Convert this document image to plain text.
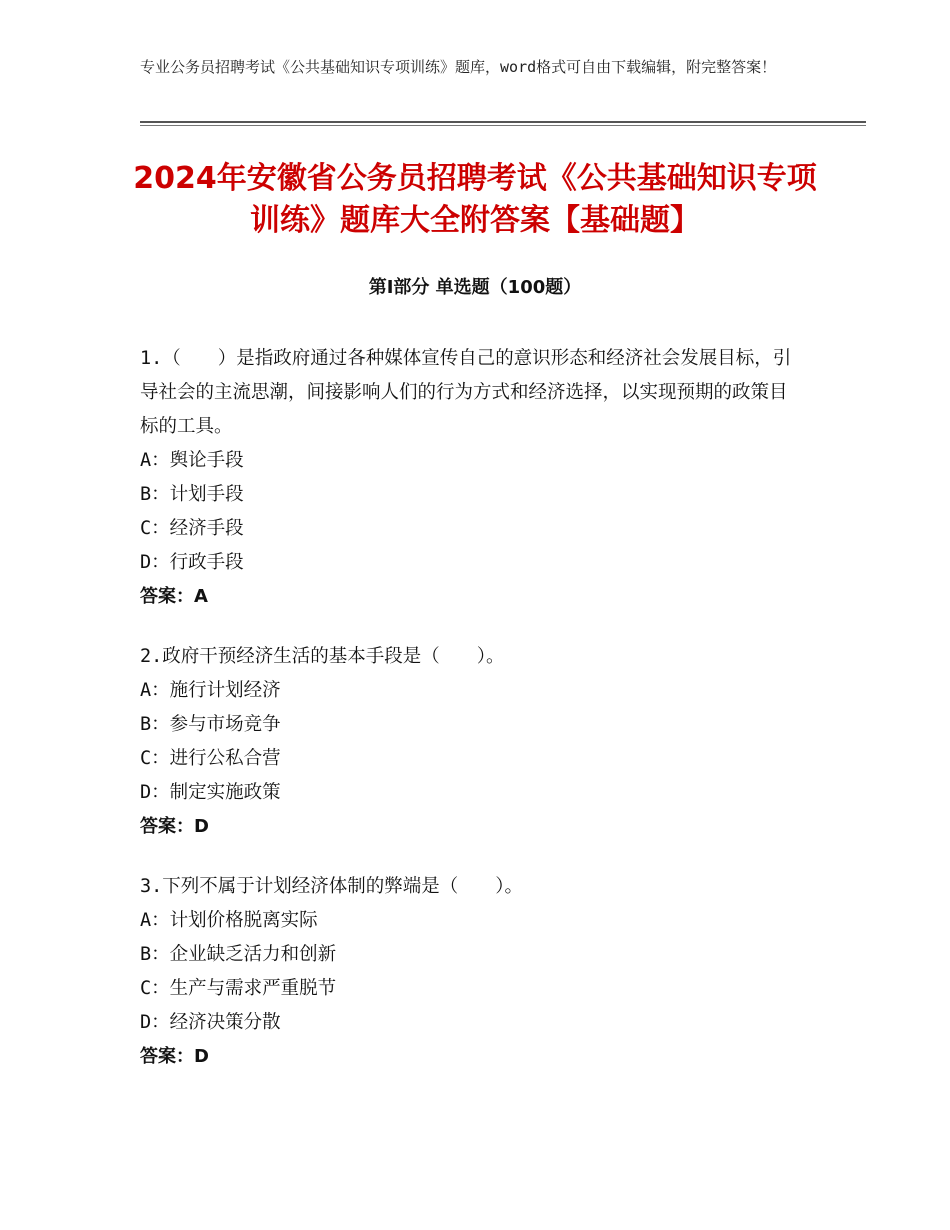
专业公务员招聘考试《公共基础知识专项训练》题库，word格式可自由下载编辑，附完整答案！
2024年安徽省公务员招聘考试《公共基础知识专项训练》题库大全附答案【基础题】
第I部分 单选题（100题）
1.（　　）是指政府通过各种媒体宣传自己的意识形态和经济社会发展目标，引导社会的主流思潮，间接影响人们的行为方式和经济选择，以实现预期的政策目标的工具。
A：舆论手段
B：计划手段
C：经济手段
D：行政手段
答案：A
2.政府干预经济生活的基本手段是（　　）。
A：施行计划经济
B：参与市场竞争
C：进行公私合营
D：制定实施政策
答案：D
3.下列不属于计划经济体制的弊端是（　　）。
A：计划价格脱离实际
B：企业缺乏活力和创新
C：生产与需求严重脱节
D：经济决策分散
答案：D
